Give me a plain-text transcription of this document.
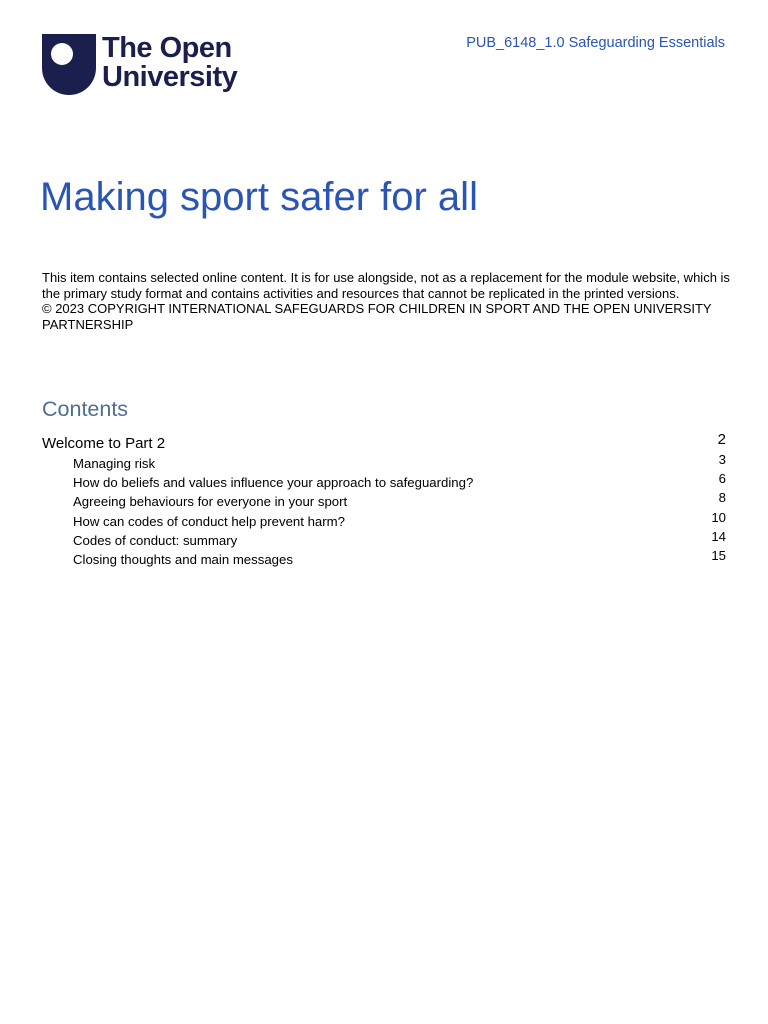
The Open
University
PUB_6148_1.0 Safeguarding Essentials
Making sport safer for all

This item contains selected online content. It is for use alongside, not as a replacement for the module website, which is the primary study format and contains activities and resources that cannot be replicated in the printed versions.

© 2023 COPYRIGHT INTERNATIONAL SAFEGUARDS FOR CHILDREN IN SPORT AND THE OPEN UNIVERSITY PARTNERSHIP

Contents
Welcome to Part 2	2
Managing risk	3
How do beliefs and values influence your approach to safeguarding?	6
Agreeing behaviours for everyone in your sport	8
How can codes of conduct help prevent harm?	10
Codes of conduct: summary	14
Closing thoughts and main messages	15
